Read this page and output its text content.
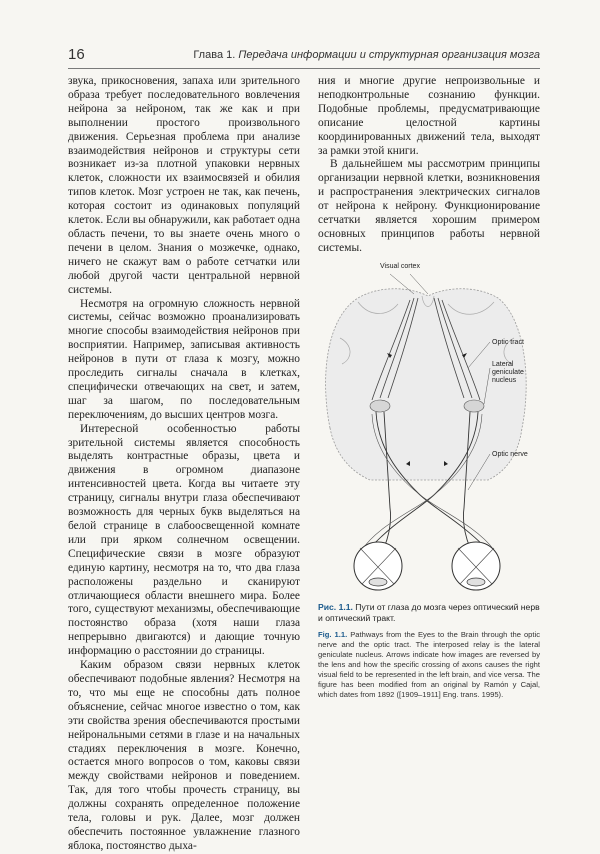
16	Глава 1. Передача информации и структурная организация мозга

звука, прикосновения, запаха или зрительного образа требует последовательного вовлечения нейрона за нейроном, так же как и при выполнении простого произвольного движения. Серьезная проблема при анализе взаимодействия нейронов и структуры сети возникает из-за плотной упаковки нервных клеток, сложности их взаимосвязей и обилия типов клеток. Мозг устроен не так, как печень, которая состоит из одинаковых популяций клеток. Если вы обнаружили, как работает одна область печени, то вы знаете очень много о печени в целом. Знания о мозжечке, однако, ничего не скажут вам о работе сетчатки или любой другой части центральной нервной системы.

Несмотря на огромную сложность нервной системы, сейчас возможно проанализировать многие способы взаимодействия нейронов при восприятии. Например, записывая активность нейронов в пути от глаза к мозгу, можно проследить сигналы сначала в клетках, специфически отвечающих на свет, и затем, шаг за шагом, по последовательным переключениям, до высших центров мозга.

Интересной особенностью работы зрительной системы является способность выделять контрастные образы, цвета и движения в огромном диапазоне интенсивностей цвета. Когда вы читаете эту страницу, сигналы внутри глаза обеспечивают возможность для черных букв выделяться на белой странице в слабоосвещенной комнате или при ярком солнечном освещении. Специфические связи в мозге образуют единую картину, несмотря на то, что два глаза расположены раздельно и сканируют отличающиеся области внешнего мира. Более того, существуют механизмы, обеспечивающие постоянство образа (хотя наши глаза непрерывно двигаются) и дающие точную информацию о расстоянии до страницы.

Каким образом связи нервных клеток обеспечивают подобные явления? Несмотря на то, что мы еще не способны дать полное объяснение, сейчас многое известно о том, как эти свойства зрения обеспечиваются простыми нейрональными сетями в глазе и на начальных стадиях переключения в мозге. Конечно, остается много вопросов о том, каковы связи между свойствами нейронов и поведением. Так, для того чтобы прочесть страницу, вы должны сохранять определенное положение тела, головы и рук. Далее, мозг должен обеспечить постоянное увлажнение глазного яблока, постоянство дыха-

ния и многие другие непроизвольные и неподконтрольные сознанию функции. Подобные проблемы, предусматривающие описание целостной картины координированных движений тела, выходят за рамки этой книги.

В дальнейшем мы рассмотрим принципы организации нервной клетки, возникновения и распространения электрических сигналов от нейрона к нейрону. Функционирование сетчатки является хорошим примером основных принципов работы нервной системы.

Visual cortex
Optic tract
Lateral
geniculate
nucleus
Optic nerve
Рис. 1.1. Пути от глаза до мозга через оптический нерв и оптический тракт.
Fig. 1.1. Pathways from the Eyes to the Brain through the optic nerve and the optic tract. The interposed relay is the lateral geniculate nucleus. Arrows indicate how images are reversed by the lens and how the specific crossing of axons causes the right visual field to be represented in the left brain, and vice versa. The figure has been modified from an original by Ramón y Cajal, which dates from 1892 ([1909–1911] Eng. trans. 1995).
